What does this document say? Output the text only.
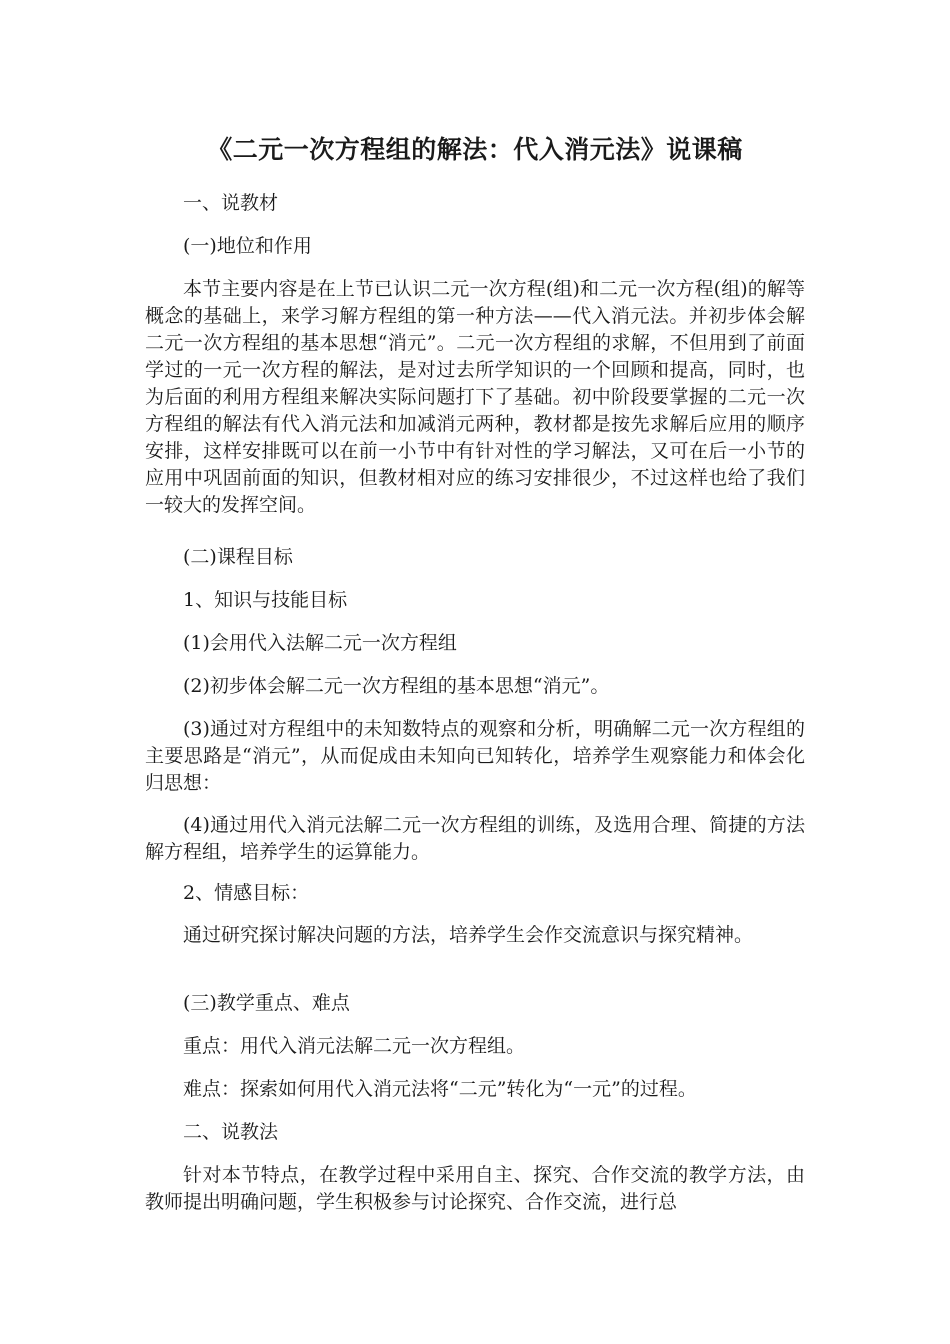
《二元一次方程组的解法：代入消元法》说课稿

一、说教材

(一)地位和作用

本节主要内容是在上节已认识二元一次方程(组)和二元一次方程(组)的解等概念的基础上，来学习解方程组的第一种方法——代入消元法。并初步体会解二元一次方程组的基本思想“消元”。二元一次方程组的求解，不但用到了前面学过的一元一次方程的解法，是对过去所学知识的一个回顾和提高，同时，也为后面的利用方程组来解决实际问题打下了基础。初中阶段要掌握的二元一次方程组的解法有代入消元法和加减消元两种，教材都是按先求解后应用的顺序安排，这样安排既可以在前一小节中有针对性的学习解法，又可在后一小节的应用中巩固前面的知识，但教材相对应的练习安排很少，不过这样也给了我们一较大的发挥空间。

(二)课程目标

1、知识与技能目标

(1)会用代入法解二元一次方程组

(2)初步体会解二元一次方程组的基本思想“消元”。

(3)通过对方程组中的未知数特点的观察和分析，明确解二元一次方程组的主要思路是“消元”，从而促成由未知向已知转化，培养学生观察能力和体会化归思想：

(4)通过用代入消元法解二元一次方程组的训练，及选用合理、简捷的方法解方程组，培养学生的运算能力。

2、情感目标：

通过研究探讨解决问题的方法，培养学生会作交流意识与探究精神。

(三)教学重点、难点

重点：用代入消元法解二元一次方程组。

难点：探索如何用代入消元法将“二元”转化为“一元”的过程。

二、说教法

针对本节特点，在教学过程中采用自主、探究、合作交流的教学方法，由教师提出明确问题，学生积极参与讨论探究、合作交流，进行总
